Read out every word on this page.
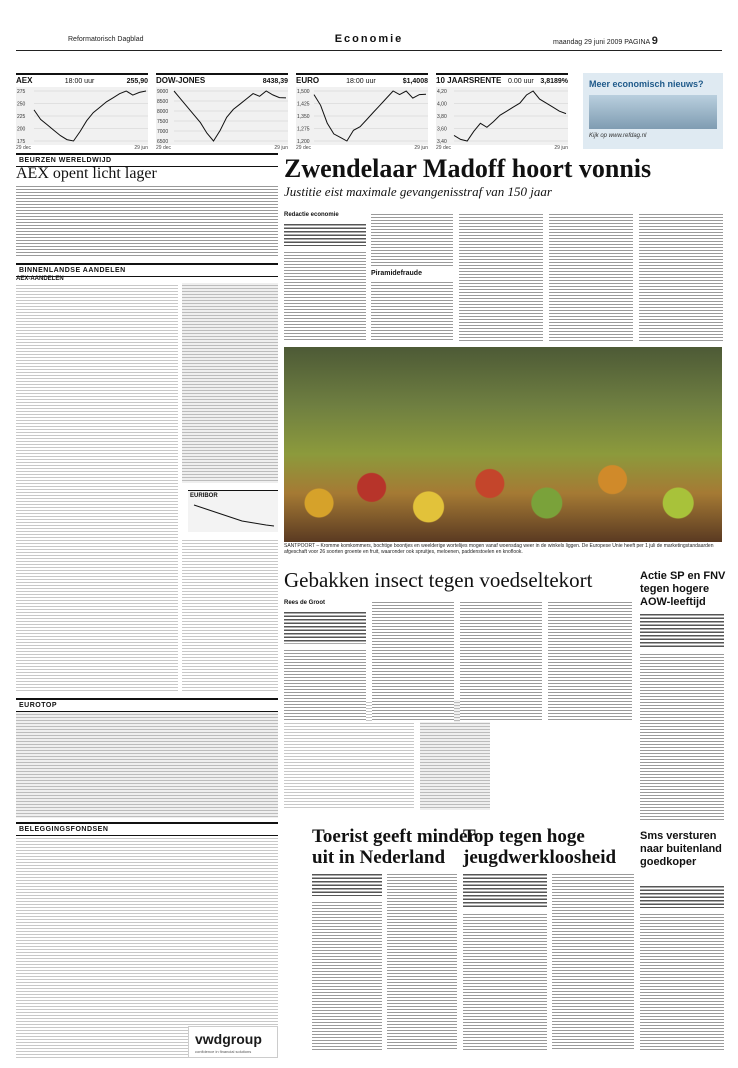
Reformatorisch Dagblad	Economie	maandag 29 juni 2009 PAGINA 9
AEX	18:00 uur	255,90
275
250
225
200
175
29 dec	29 jun
DOW-JONES	8438,39
9000
8500
8000
7500
7000
6500
29 dec	29 jun
EURO	18:00 uur	$1,4008
1,500
1,425
1,350
1,275
1,200
29 dec	29 jun
10 JAARSRENTE 0.00 uur 3,8189%
4,20
4,00
3,80
3,60
3,40
29 dec	29 jun
Meer economisch nieuws?
Kijk op www.refdag.nl
BEURZEN WERELDWIJD
AEX opent licht lager
BINNENLANDSE AANDELEN
AEX-AANDELEN
EURIBOR
EUROTOP
BELEGGINGSFONDSEN
Zwendelaar Madoff hoort vonnis
Justitie eist maximale gevangenisstraf van 150 jaar
Redactie economie
Piramidefraude
SANTPOORT – Kromme komkommers, bochtige boontjes en weelderige wortelijes mogen vanaf woensdag weer in de winkels liggen. De Europese Unie heeft per 1 juli de marketingstandaarden afgeschaft voor 26 soorten groente en fruit, waaronder ook spruitjes, meloenen, paddenstoelen en knoflook.
Gebakken insect tegen voedseltekort
Rees de Groot
Actie SP en FNV tegen hogere AOW-leeftijd
Toerist geeft minder uit in Nederland
Top tegen hoge jeugdwerkloosheid
Sms versturen naar buitenland goedkoper
vwdgroup
confidence in financial solutions
